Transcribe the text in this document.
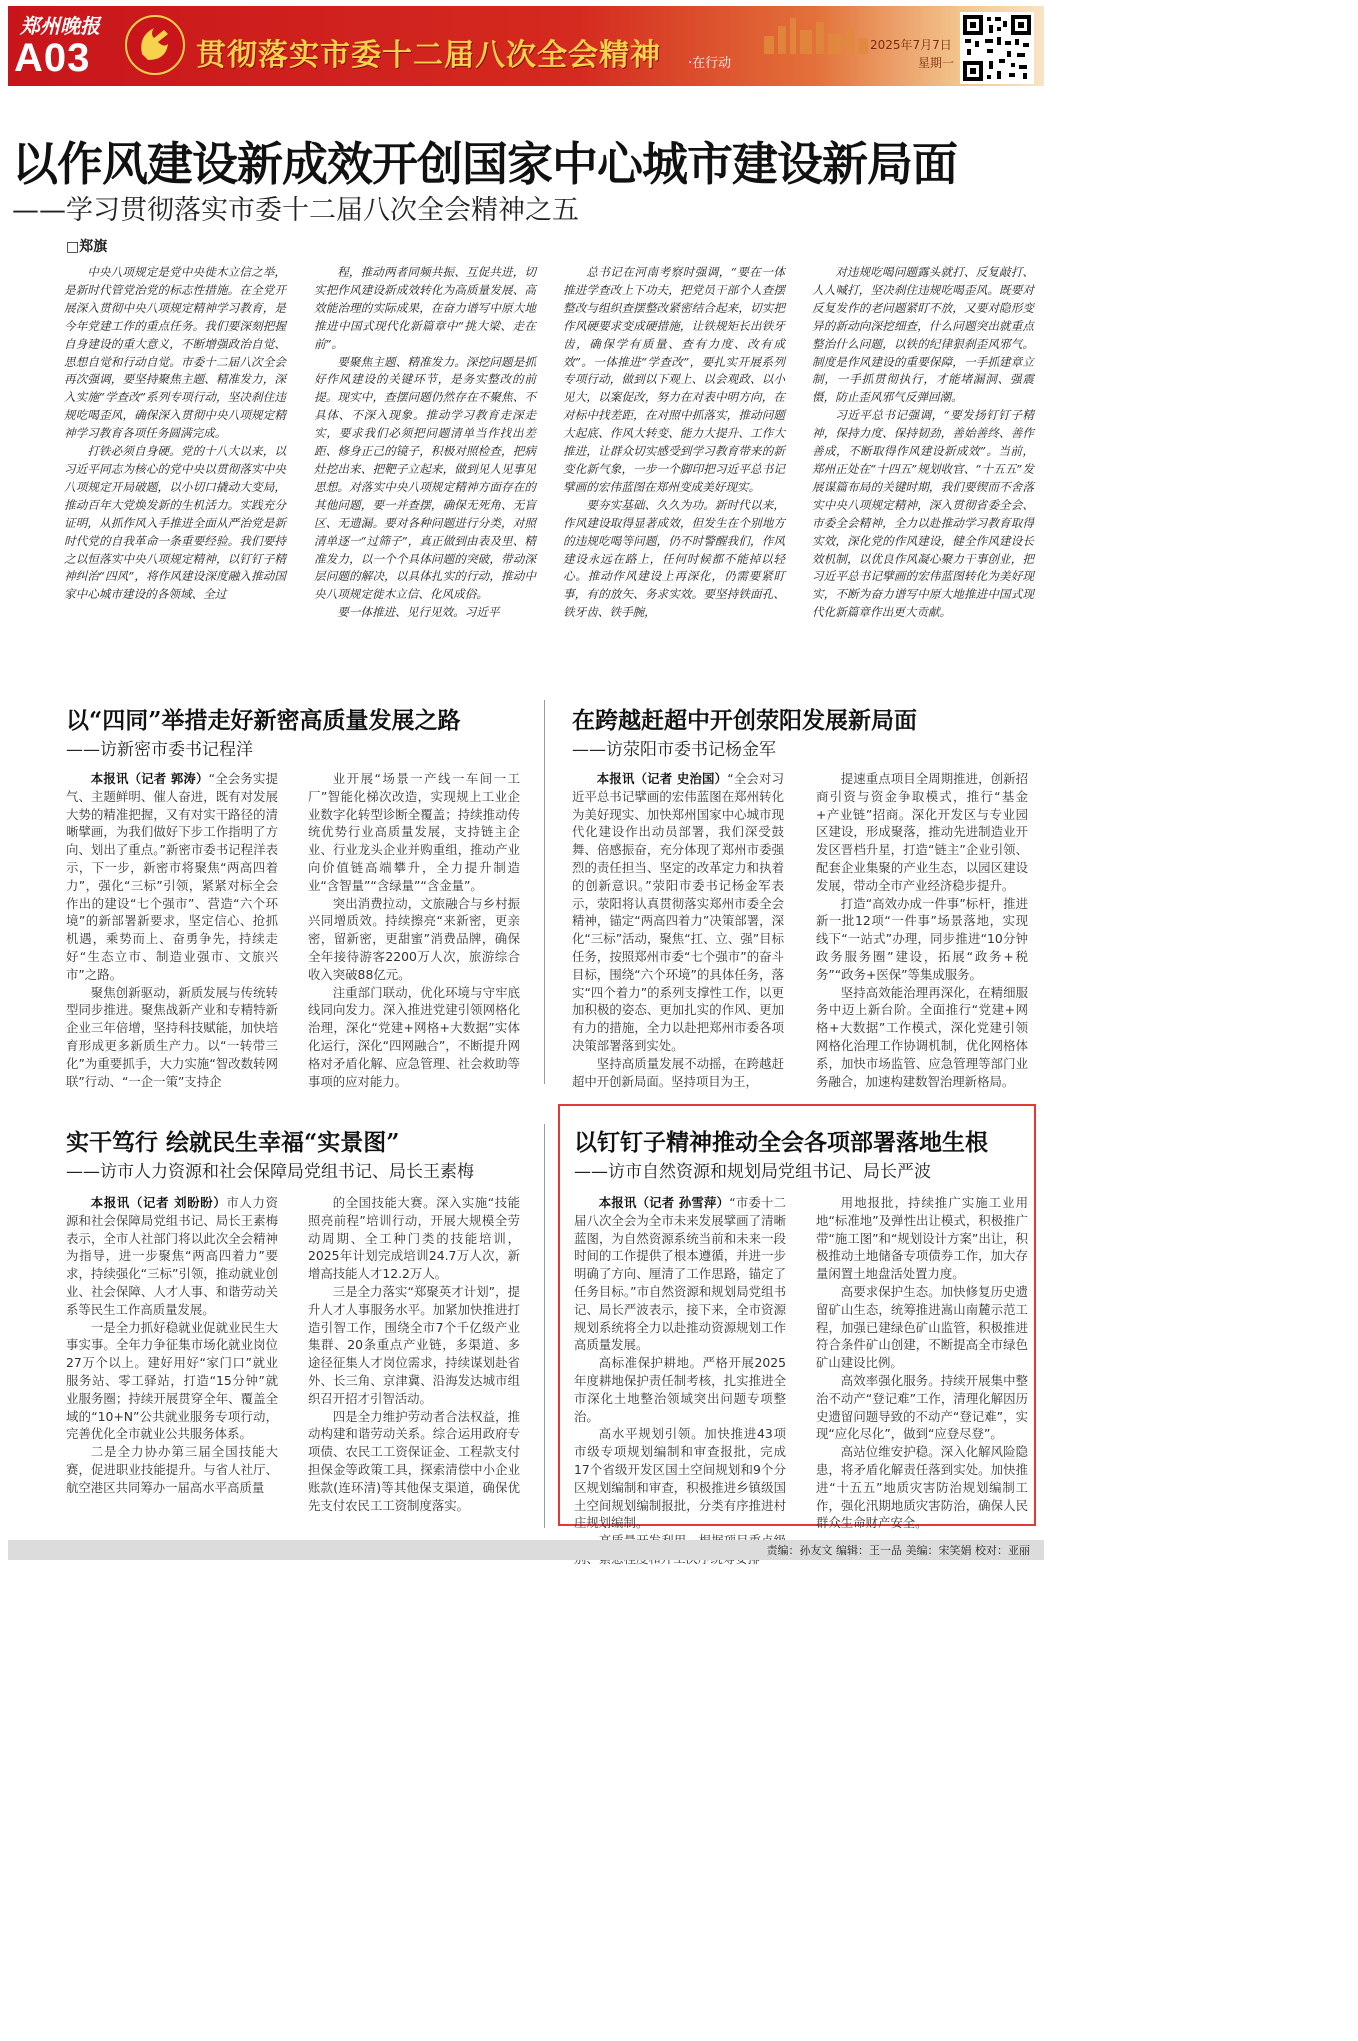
郑州晚报
A03	贯彻落实市委十二届八次全会精神 ·在行动
2025年7月7日
星期一
以作风建设新成效开创国家中心城市建设新局面
——学习贯彻落实市委十二届八次全会精神之五
□郑旗

中央八项规定是党中央徙木立信之举，是新时代管党治党的标志性措施。在全党开展深入贯彻中央八项规定精神学习教育，是今年党建工作的重点任务。我们要深刻把握自身建设的重大意义，不断增强政治自觉、思想自觉和行动自觉。市委十二届八次全会再次强调，要坚持聚焦主题、精准发力，深入实施“学查改”系列专项行动，坚决刹住违规吃喝歪风，确保深入贯彻中央八项规定精神学习教育各项任务圆满完成。

打铁必须自身硬。党的十八大以来，以习近平同志为核心的党中央以贯彻落实中央八项规定开局破题，以小切口撬动大变局，推动百年大党焕发新的生机活力。实践充分证明，从抓作风入手推进全面从严治党是新时代党的自我革命一条重要经验。我们要持之以恒落实中央八项规定精神，以钉钉子精神纠治“四风”，将作风建设深度融入推动国家中心城市建设的各领域、全过

程，推动两者同频共振、互促共进，切实把作风建设新成效转化为高质量发展、高效能治理的实际成果，在奋力谱写中原大地推进中国式现代化新篇章中“挑大梁、走在前”。

要聚焦主题、精准发力。深挖问题是抓好作风建设的关键环节，是务实整改的前提。现实中，查摆问题仍然存在不聚焦、不具体、不深入现象。推动学习教育走深走实，要求我们必须把问题清单当作找出差距、修身正己的镜子，积极对照检查，把病灶挖出来、把靶子立起来，做到见人见事见思想。对落实中央八项规定精神方面存在的其他问题，要一并查摆，确保无死角、无盲区、无遗漏。要对各种问题进行分类，对照清单逐一“过筛子”，真正做到由表及里、精准发力，以一个个具体问题的突破，带动深层问题的解决，以具体扎实的行动，推动中央八项规定徙木立信、化风成俗。

要一体推进、见行见效。习近平

总书记在河南考察时强调，“要在一体推进学查改上下功夫，把党员干部个人查摆整改与组织查摆整改紧密结合起来，切实把作风硬要求变成硬措施，让铁规矩长出铁牙齿，确保学有质量、查有力度、改有成效”。一体推进“学查改”，要扎实开展系列专项行动，做到以下观上、以会观政、以小见大，以案促改，努力在对表中明方向，在对标中找差距，在对照中抓落实，推动问题大起底、作风大转变、能力大提升、工作大推进，让群众切实感受到学习教育带来的新变化新气象，一步一个脚印把习近平总书记擘画的宏伟蓝图在郑州变成美好现实。

要夯实基础、久久为功。新时代以来，作风建设取得显著成效，但发生在个别地方的违规吃喝等问题，仍不时警醒我们，作风建设永远在路上，任何时候都不能掉以轻心。推动作风建设上再深化，仍需要紧盯事，有的放矢、务求实效。要坚持铁面孔、铁牙齿、铁手腕，

对违规吃喝问题露头就打、反复敲打、人人喊打，坚决刹住违规吃喝歪风。既要对反复发作的老问题紧盯不放，又要对隐形变异的新动向深挖细查，什么问题突出就重点整治什么问题，以铁的纪律狠刹歪风邪气。制度是作风建设的重要保障，一手抓建章立制，一手抓贯彻执行，才能堵漏洞、强震慑，防止歪风邪气反弹回潮。

习近平总书记强调，“要发扬钉钉子精神，保持力度、保持韧劲，善始善终、善作善成，不断取得作风建设新成效”。当前，郑州正处在“十四五”规划收官、“十五五”发展谋篇布局的关键时期，我们要锲而不舍落实中央八项规定精神，深入贯彻省委全会、市委全会精神，全力以赴推动学习教育取得实效，深化党的作风建设，健全作风建设长效机制，以优良作风凝心聚力干事创业，把习近平总书记擘画的宏伟蓝图转化为美好现实，不断为奋力谱写中原大地推进中国式现代化新篇章作出更大贡献。

以“四同”举措走好新密高质量发展之路
——访新密市委书记程洋

本报讯（记者 郭涛）“全会务实提气、主题鲜明、催人奋进，既有对发展大势的精准把握，又有对实干路径的清晰擘画，为我们做好下步工作指明了方向、划出了重点。”新密市委书记程洋表示，下一步，新密市将聚焦“两高四着力”，强化“三标”引领，紧紧对标全会作出的建设“七个强市”、营造“六个环境”的新部署新要求，坚定信心、抢抓机遇，乘势而上、奋勇争先，持续走好“生态立市、制造业强市、文旅兴市”之路。

聚焦创新驱动，新质发展与传统转型同步推进。聚焦战新产业和专精特新企业三年倍增，坚持科技赋能，加快培育形成更多新质生产力。以“一转带三化”为重要抓手，大力实施“智改数转网联”行动、“一企一策”支持企

业开展“场景一产线一车间一工厂”智能化梯次改造，实现规上工业企业数字化转型诊断全覆盖；持续推动传统优势行业高质量发展，支持链主企业、行业龙头企业并购重组，推动产业向价值链高端攀升，全力提升制造业“含智量”“含绿量”“含金量”。

突出消费拉动，文旅融合与乡村振兴同增质效。持续擦亮“来新密，更亲密，留新密，更甜蜜”消费品牌，确保全年接待游客2200万人次，旅游综合收入突破88亿元。

注重部门联动，优化环境与守牢底线同向发力。深入推进党建引领网格化治理，深化“党建+网格+大数据”实体化运行，深化“四网融合”，不断提升网格对矛盾化解、应急管理、社会救助等事项的应对能力。

在跨越赶超中开创荥阳发展新局面
——访荥阳市委书记杨金军

本报讯（记者 史治国）“全会对习近平总书记擘画的宏伟蓝图在郑州转化为美好现实、加快郑州国家中心城市现代化建设作出动员部署，我们深受鼓舞、倍感振奋，充分体现了郑州市委强烈的责任担当、坚定的改革定力和执着的创新意识。”荥阳市委书记杨金军表示，荥阳将认真贯彻落实郑州市委全会精神，锚定“两高四着力”决策部署，深化“三标”活动，聚焦“扛、立、强”目标任务，按照郑州市委“七个强市”的奋斗目标，围绕“六个环境”的具体任务，落实“四个着力”的系列支撑性工作，以更加积极的姿态、更加扎实的作风、更加有力的措施，全力以赴把郑州市委各项决策部署落到实处。

坚持高质量发展不动摇，在跨越赶超中开创新局面。坚持项目为王，

提速重点项目全周期推进，创新招商引资与资金争取模式，推行“基金+产业链”招商。深化开发区与专业园区建设，形成聚落，推动先进制造业开发区晋档升星，打造“链主”企业引领、配套企业集聚的产业生态，以园区建设发展，带动全市产业经济稳步提升。

打造“高效办成一件事”标杆，推进新一批12项“一件事”场景落地，实现线下“一站式”办理，同步推进“10分钟政务服务圈”建设，拓展“政务+税务”“政务+医保”等集成服务。

坚持高效能治理再深化，在精细服务中迈上新台阶。全面推行“党建+网格+大数据”工作模式，深化党建引领网格化治理工作协调机制，优化网格体系，加快市场监管、应急管理等部门业务融合，加速构建数智治理新格局。

实干笃行 绘就民生幸福“实景图”
——访市人力资源和社会保障局党组书记、局长王素梅

本报讯（记者 刘盼盼）市人力资源和社会保障局党组书记、局长王素梅表示，全市人社部门将以此次全会精神为指导，进一步聚焦“两高四着力”要求，持续强化“三标”引领，推动就业创业、社会保障、人才人事、和谐劳动关系等民生工作高质量发展。

一是全力抓好稳就业促就业民生大事实事。全年力争征集市场化就业岗位27万个以上。建好用好“家门口”就业服务站、零工驿站，打造“15分钟”就业服务圈；持续开展贯穿全年、覆盖全域的“10+N”公共就业服务专项行动，完善优化全市就业公共服务体系。

二是全力协办第三届全国技能大赛，促进职业技能提升。与省人社厅、航空港区共同筹办一届高水平高质量

的全国技能大赛。深入实施“技能照亮前程”培训行动，开展大规模全劳动周期、全工种门类的技能培训，2025年计划完成培训24.7万人次，新增高技能人才12.2万人。

三是全力落实“郑聚英才计划”，提升人才人事服务水平。加紧加快推进打造引智工作，围绕全市7个千亿级产业集群、20条重点产业链，多渠道、多途径征集人才岗位需求，持续谋划赴省外、长三角、京津冀、沿海发达城市组织召开招才引智活动。

四是全力维护劳动者合法权益，推动构建和谐劳动关系。综合运用政府专项债、农民工工资保证金、工程款支付担保金等政策工具，探索清偿中小企业账款(连环清)等其他保支渠道，确保优先支付农民工工资制度落实。

以钉钉子精神推动全会各项部署落地生根
——访市自然资源和规划局党组书记、局长严波

本报讯（记者 孙雪萍）“市委十二届八次全会为全市未来发展擘画了清晰蓝图，为自然资源系统当前和未来一段时间的工作提供了根本遵循，并进一步明确了方向、厘清了工作思路，锚定了任务目标。”市自然资源和规划局党组书记、局长严波表示，接下来，全市资源规划系统将全力以赴推动资源规划工作高质量发展。

高标准保护耕地。严格开展2025年度耕地保护责任制考核，扎实推进全市深化土地整治领域突出问题专项整治。

高水平规划引领。加快推进43项市级专项规划编制和审查报批，完成17个省级开发区国土空间规划和9个分区规划编制和审查，积极推进乡镇级国土空间规划编制报批，分类有序推进村庄规划编制。

用地报批，持续推广实施工业用地“标准地”及弹性出让模式，积极推广带“施工图”和“规划设计方案”出让，积极推动土地储备专项债券工作，加大存量闲置土地盘活处置力度。

高要求保护生态。加快修复历史遗留矿山生态，统筹推进嵩山南麓示范工程，加强已建绿色矿山监管，积极推进符合条件矿山创建，不断提高全市绿色矿山建设比例。

高效率强化服务。持续开展集中整治不动产“登记难”工作，清理化解因历史遗留问题导致的不动产“登记难”，实现“应化尽化”，做到“应登尽登”。

高站位维安护稳。深入化解风险隐患，将矛盾化解责任落到实处。加快推进“十五五”地质灾害防治规划编制工作，强化汛期地质灾害防治，确保人民群众生命财产安全。

责编：孙友文 编辑：王一品 美编：宋笑娟 校对：亚丽
